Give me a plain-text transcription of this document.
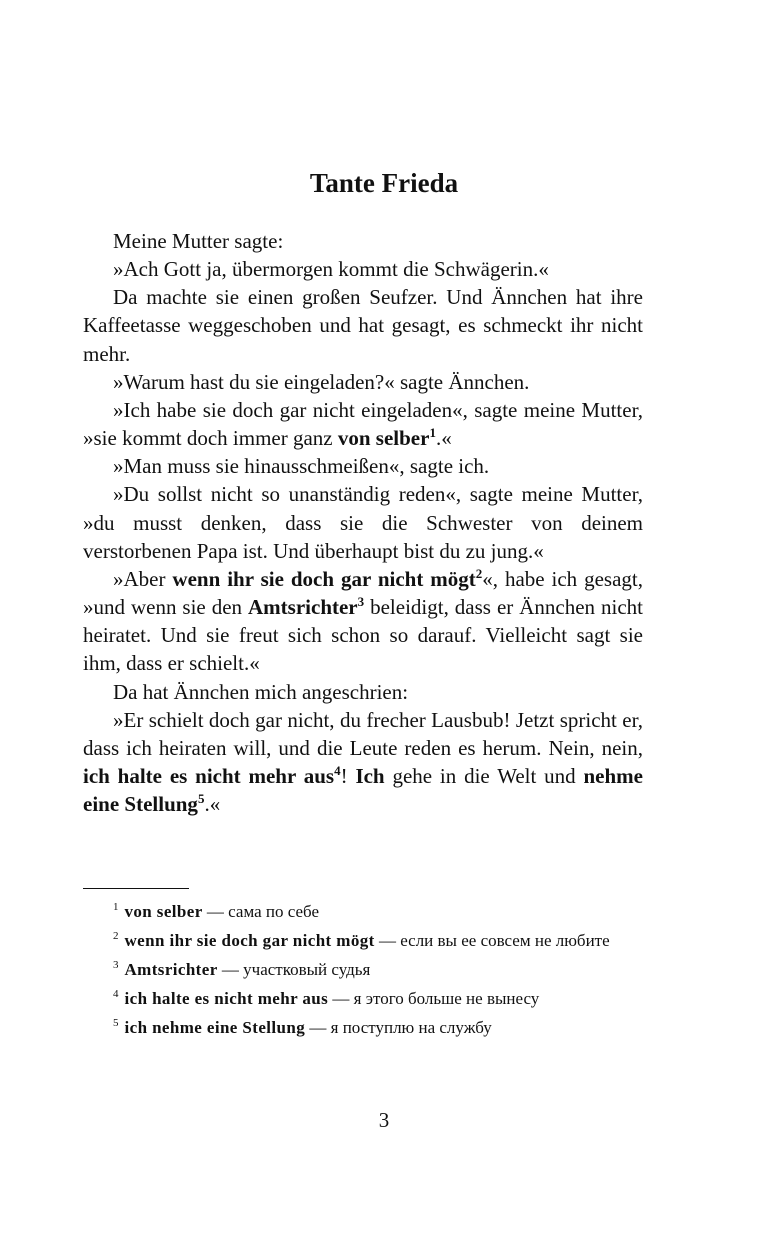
Tante Frieda

Meine Mutter sagte:

»Ach Gott ja, übermorgen kommt die Schwägerin.«

Da machte sie einen großen Seufzer. Und Ännchen hat ihre Kaffeetasse weggeschoben und hat gesagt, es schmeckt ihr nicht mehr.

»Warum hast du sie eingeladen?« sagte Ännchen.

»Ich habe sie doch gar nicht eingeladen«, sagte meine Mutter, »sie kommt doch immer ganz von selber$^1$.«

»Man muss sie hinausschmeißen«, sagte ich.

»Du sollst nicht so unanständig reden«, sagte meine Mutter, »du musst denken, dass sie die Schwester von deinem verstorbenen Papa ist. Und überhaupt bist du zu jung.«

»Aber wenn ihr sie doch gar nicht mögt$^2$«, habe ich gesagt, »und wenn sie den Amtsrichter$^3$ beleidigt, dass er Ännchen nicht heiratet. Und sie freut sich schon so darauf. Vielleicht sagt sie ihm, dass er schielt.«

Da hat Ännchen mich angeschrien:

»Er schielt doch gar nicht, du frecher Lausbub! Jetzt spricht er, dass ich heiraten will, und die Leute reden es herum. Nein, nein, ich halte es nicht mehr aus$^4$! Ich gehe in die Welt und nehme eine Stellung$^5$.«

$^1$ von selber — сама по себе

$^2$ wenn ihr sie doch gar nicht mögt — если вы ее совсем не любите

$^3$ Amtsrichter — участковый судья

$^4$ ich halte es nicht mehr aus — я этого больше не вынесу

$^5$ ich nehme eine Stellung — я поступлю на службу

3
